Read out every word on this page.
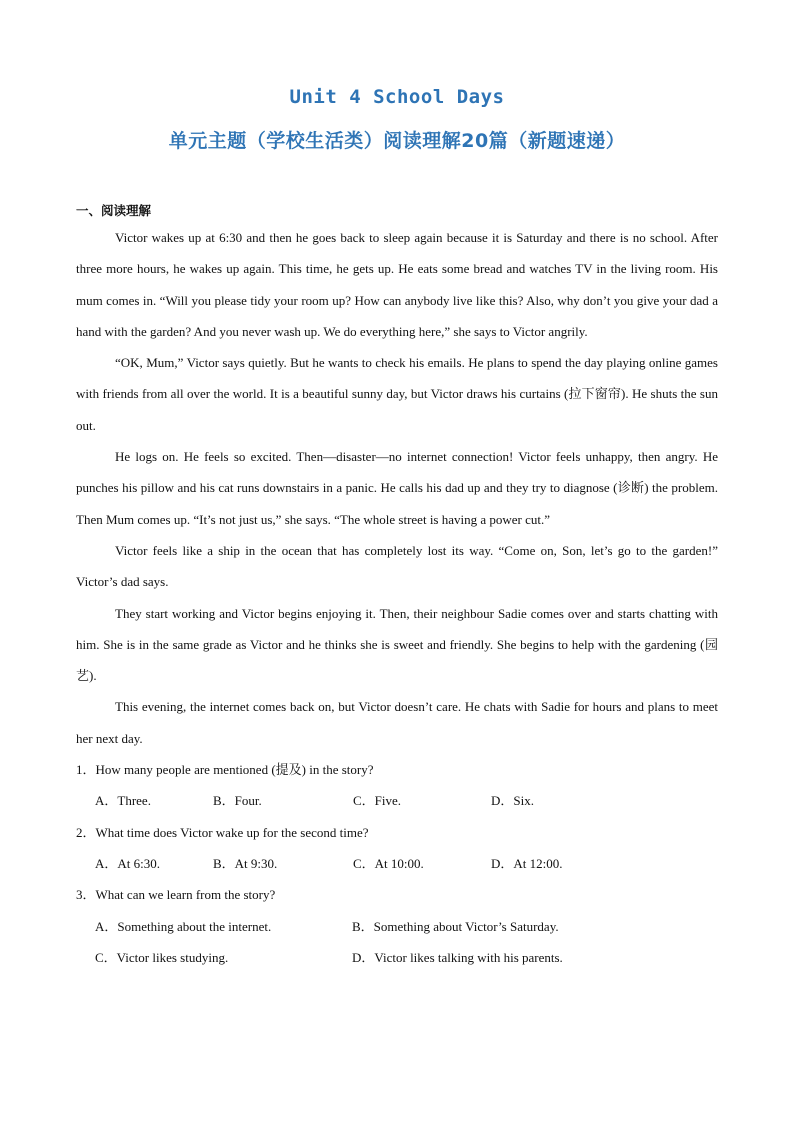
Unit 4 School Days
单元主题（学校生活类）阅读理解20篇（新题速递）
一、阅读理解

Victor wakes up at 6:30 and then he goes back to sleep again because it is Saturday and there is no school. After three more hours, he wakes up again. This time, he gets up. He eats some bread and watches TV in the living room. His mum comes in. “Will you please tidy your room up? How can anybody live like this? Also, why don’t you give your dad a hand with the garden? And you never wash up. We do everything here,” she says to Victor angrily.

“OK, Mum,” Victor says quietly. But he wants to check his emails. He plans to spend the day playing online games with friends from all over the world. It is a beautiful sunny day, but Victor draws his curtains (拉下窗帘). He shuts the sun out.

He logs on. He feels so excited. Then—disaster—no internet connection! Victor feels unhappy, then angry. He punches his pillow and his cat runs downstairs in a panic. He calls his dad up and they try to diagnose (诊断) the problem. Then Mum comes up. “It’s not just us,” she says. “The whole street is having a power cut.”

Victor feels like a ship in the ocean that has completely lost its way. “Come on, Son, let’s go to the garden!” Victor’s dad says.

They start working and Victor begins enjoying it. Then, their neighbour Sadie comes over and starts chatting with him. She is in the same grade as Victor and he thinks she is sweet and friendly. She begins to help with the gardening (园艺).

This evening, the internet comes back on, but Victor doesn’t care. He chats with Sadie for hours and plans to meet her next day.

1．How many people are mentioned (提及) in the story?
A．Three.	B．Four.	C．Five.	D．Six.
2．What time does Victor wake up for the second time?
A．At 6:30.	B．At 9:30.	C．At 10:00.	D．At 12:00.
3．What can we learn from the story?
A．Something about the internet.	B．Something about Victor’s Saturday.
C．Victor likes studying.	D．Victor likes talking with his parents.
